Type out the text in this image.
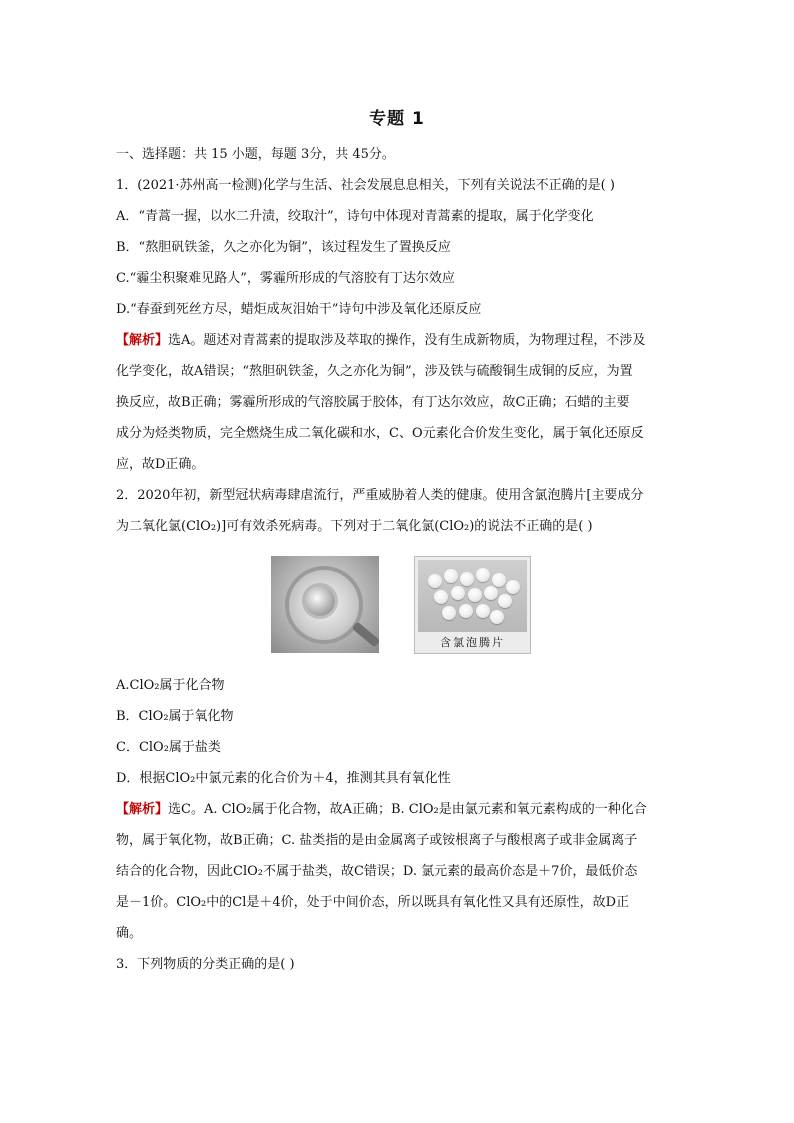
专题 1
一、选择题：共 15 小题，每题 3分，共 45分。
1．(2021·苏州高一检测)化学与生活、社会发展息息相关，下列有关说法不正确的是( )
A．“青蒿一握，以水二升渍，绞取汁”，诗句中体现对青蒿素的提取，属于化学变化
B．“熬胆矾铁釜，久之亦化为铜”，该过程发生了置换反应
C.“霾尘积聚难见路人”，雾霾所形成的气溶胶有丁达尔效应
D.“春蚕到死丝方尽，蜡炬成灰泪始干”诗句中涉及氧化还原反应
【解析】选A。题述对青蒿素的提取涉及萃取的操作，没有生成新物质，为物理过程，不涉及
化学变化，故A错误；“熬胆矾铁釜，久之亦化为铜”，涉及铁与硫酸铜生成铜的反应，为置
换反应，故B正确；雾霾所形成的气溶胶属于胶体，有丁达尔效应，故C正确；石蜡的主要
成分为烃类物质，完全燃烧生成二氧化碳和水，C、O元素化合价发生变化，属于氧化还原反
应，故D正确。
2．2020年初，新型冠状病毒肆虐流行，严重威胁着人类的健康。使用含氯泡腾片[主要成分
为二氧化氯(ClO₂)]可有效杀死病毒。下列对于二氧化氯(ClO₂)的说法不正确的是( )
含氯泡腾片
A.ClO₂属于化合物
B．ClO₂属于氧化物
C．ClO₂属于盐类
D．根据ClO₂中氯元素的化合价为＋4，推测其具有氧化性
【解析】选C。A. ClO₂属于化合物，故A正确；B. ClO₂是由氯元素和氧元素构成的一种化合
物，属于氧化物，故B正确；C. 盐类指的是由金属离子或铵根离子与酸根离子或非金属离子
结合的化合物，因此ClO₂不属于盐类，故C错误；D. 氯元素的最高价态是＋7价，最低价态
是－1价。ClO₂中的Cl是＋4价，处于中间价态，所以既具有氧化性又具有还原性，故D正
确。
3．下列物质的分类正确的是( )
